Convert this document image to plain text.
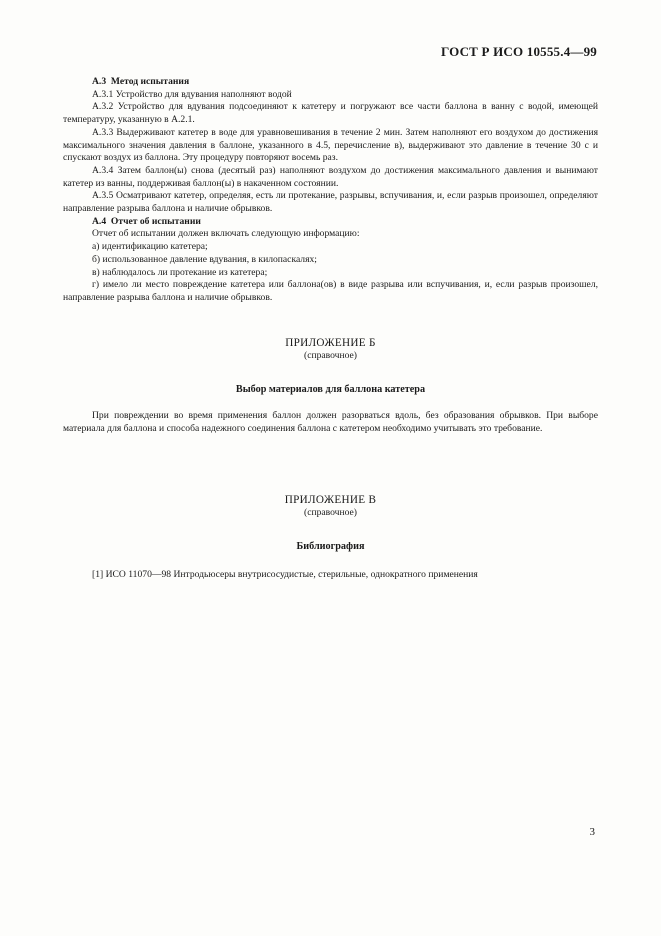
ГОСТ Р ИСО 10555.4—99

А.3 Метод испытания

А.3.1 Устройство для вдувания наполняют водой

А.3.2 Устройство для вдувания подсоединяют к катетеру и погружают все части баллона в ванну с водой, имеющей температуру, указанную в А.2.1.

А.3.3 Выдерживают катетер в воде для уравновешивания в течение 2 мин. Затем наполняют его воздухом до достижения максимального значения давления в баллоне, указанного в 4.5, перечисление в), выдерживают это давление в течение 30 с и спускают воздух из баллона. Эту процедуру повторяют восемь раз.

А.3.4 Затем баллон(ы) снова (десятый раз) наполняют воздухом до достижения максимального давления и вынимают катетер из ванны, поддерживая баллон(ы) в накаченном состоянии.

А.3.5 Осматривают катетер, определяя, есть ли протекание, разрывы, вспучивания, и, если разрыв произошел, определяют направление разрыва баллона и наличие обрывков.

А.4 Отчет об испытании

Отчет об испытании должен включать следующую информацию:

а) идентификацию катетера;

б) использованное давление вдувания, в килопаскалях;

в) наблюдалось ли протекание из катетера;

г) имело ли место повреждение катетера или баллона(ов) в виде разрыва или вспучивания, и, если разрыв произошел, направление разрыва баллона и наличие обрывков.

ПРИЛОЖЕНИЕ Б
(справочное)
Выбор материалов для баллона катетера

При повреждении во время применения баллон должен разорваться вдоль, без образования обрывков. При выборе материала для баллона и способа надежного соединения баллона с катетером необходимо учитывать это требование.

ПРИЛОЖЕНИЕ В
(справочное)
Библиография

[1] ИСО 11070—98 Интродьюсеры внутрисосудистые, стерильные, однократного применения

3
